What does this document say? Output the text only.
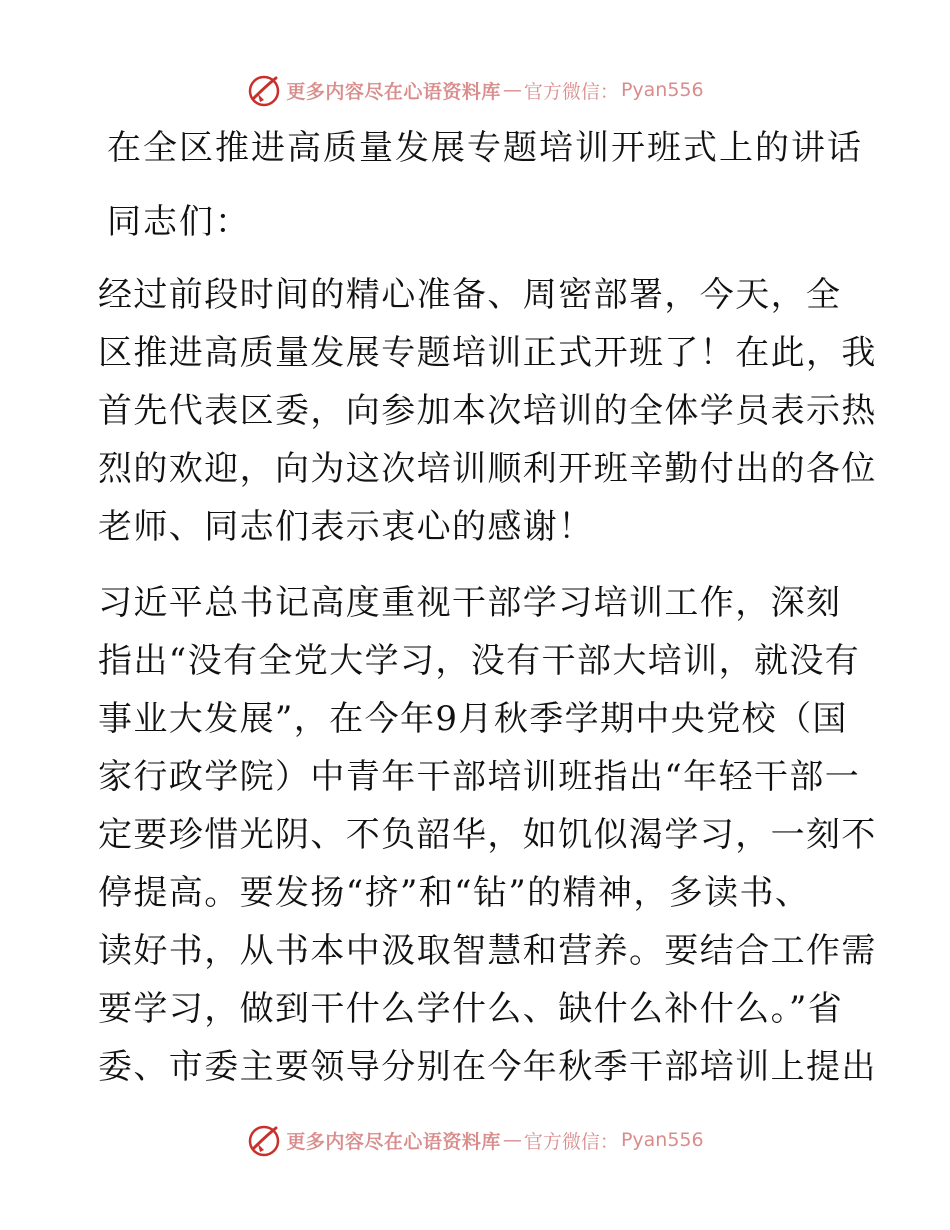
更多内容尽在心语资料库 — 官方微信： Pyan556
在全区推进高质量发展专题培训开班式上的讲话
同志们：
经过前段时间的精心准备、周密部署，今天，全
区推进高质量发展专题培训正式开班了！在此，我
首先代表区委，向参加本次培训的全体学员表示热
烈的欢迎，向为这次培训顺利开班辛勤付出的各位
老师、同志们表示衷心的感谢！
习近平总书记高度重视干部学习培训工作，深刻
指出“没有全党大学习，没有干部大培训，就没有
事业大发展”，在今年9月秋季学期中央党校（国
家行政学院）中青年干部培训班指出“年轻干部一
定要珍惜光阴、不负韶华，如饥似渴学习，一刻不
停提高。要发扬“挤”和“钻”的精神，多读书、
读好书，从书本中汲取智慧和营养。要结合工作需
要学习，做到干什么学什么、缺什么补什么。”省
委、市委主要领导分别在今年秋季干部培训上提出
更多内容尽在心语资料库 — 官方微信： Pyan556
